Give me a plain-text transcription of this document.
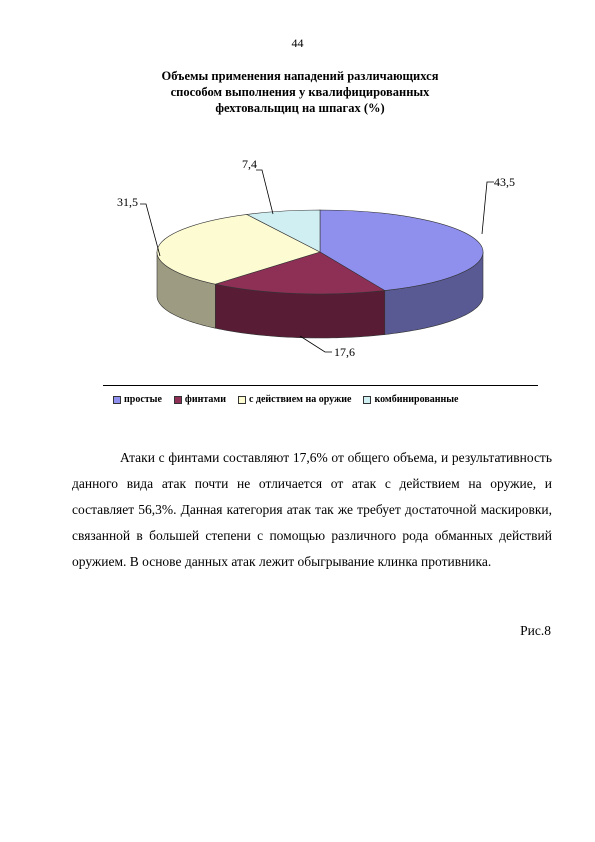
44
Объемы применения нападений различающихся
способом выполнения у квалифицированных
фехтовальщиц на шпагах (%)
43,5
17,6
31,5
7,4
простые финтами с действием на оружие комбинированные

Атаки с финтами составляют 17,6% от общего объема, и результативность данного вида атак почти не отличается от атак с действием на оружие, и составляет 56,3%. Данная категория атак так же требует достаточной маскировки, связанной в большей степени с помощью различного рода обманных действий оружием. В основе данных атак лежит обыгрывание клинка противника.

Рис.8
